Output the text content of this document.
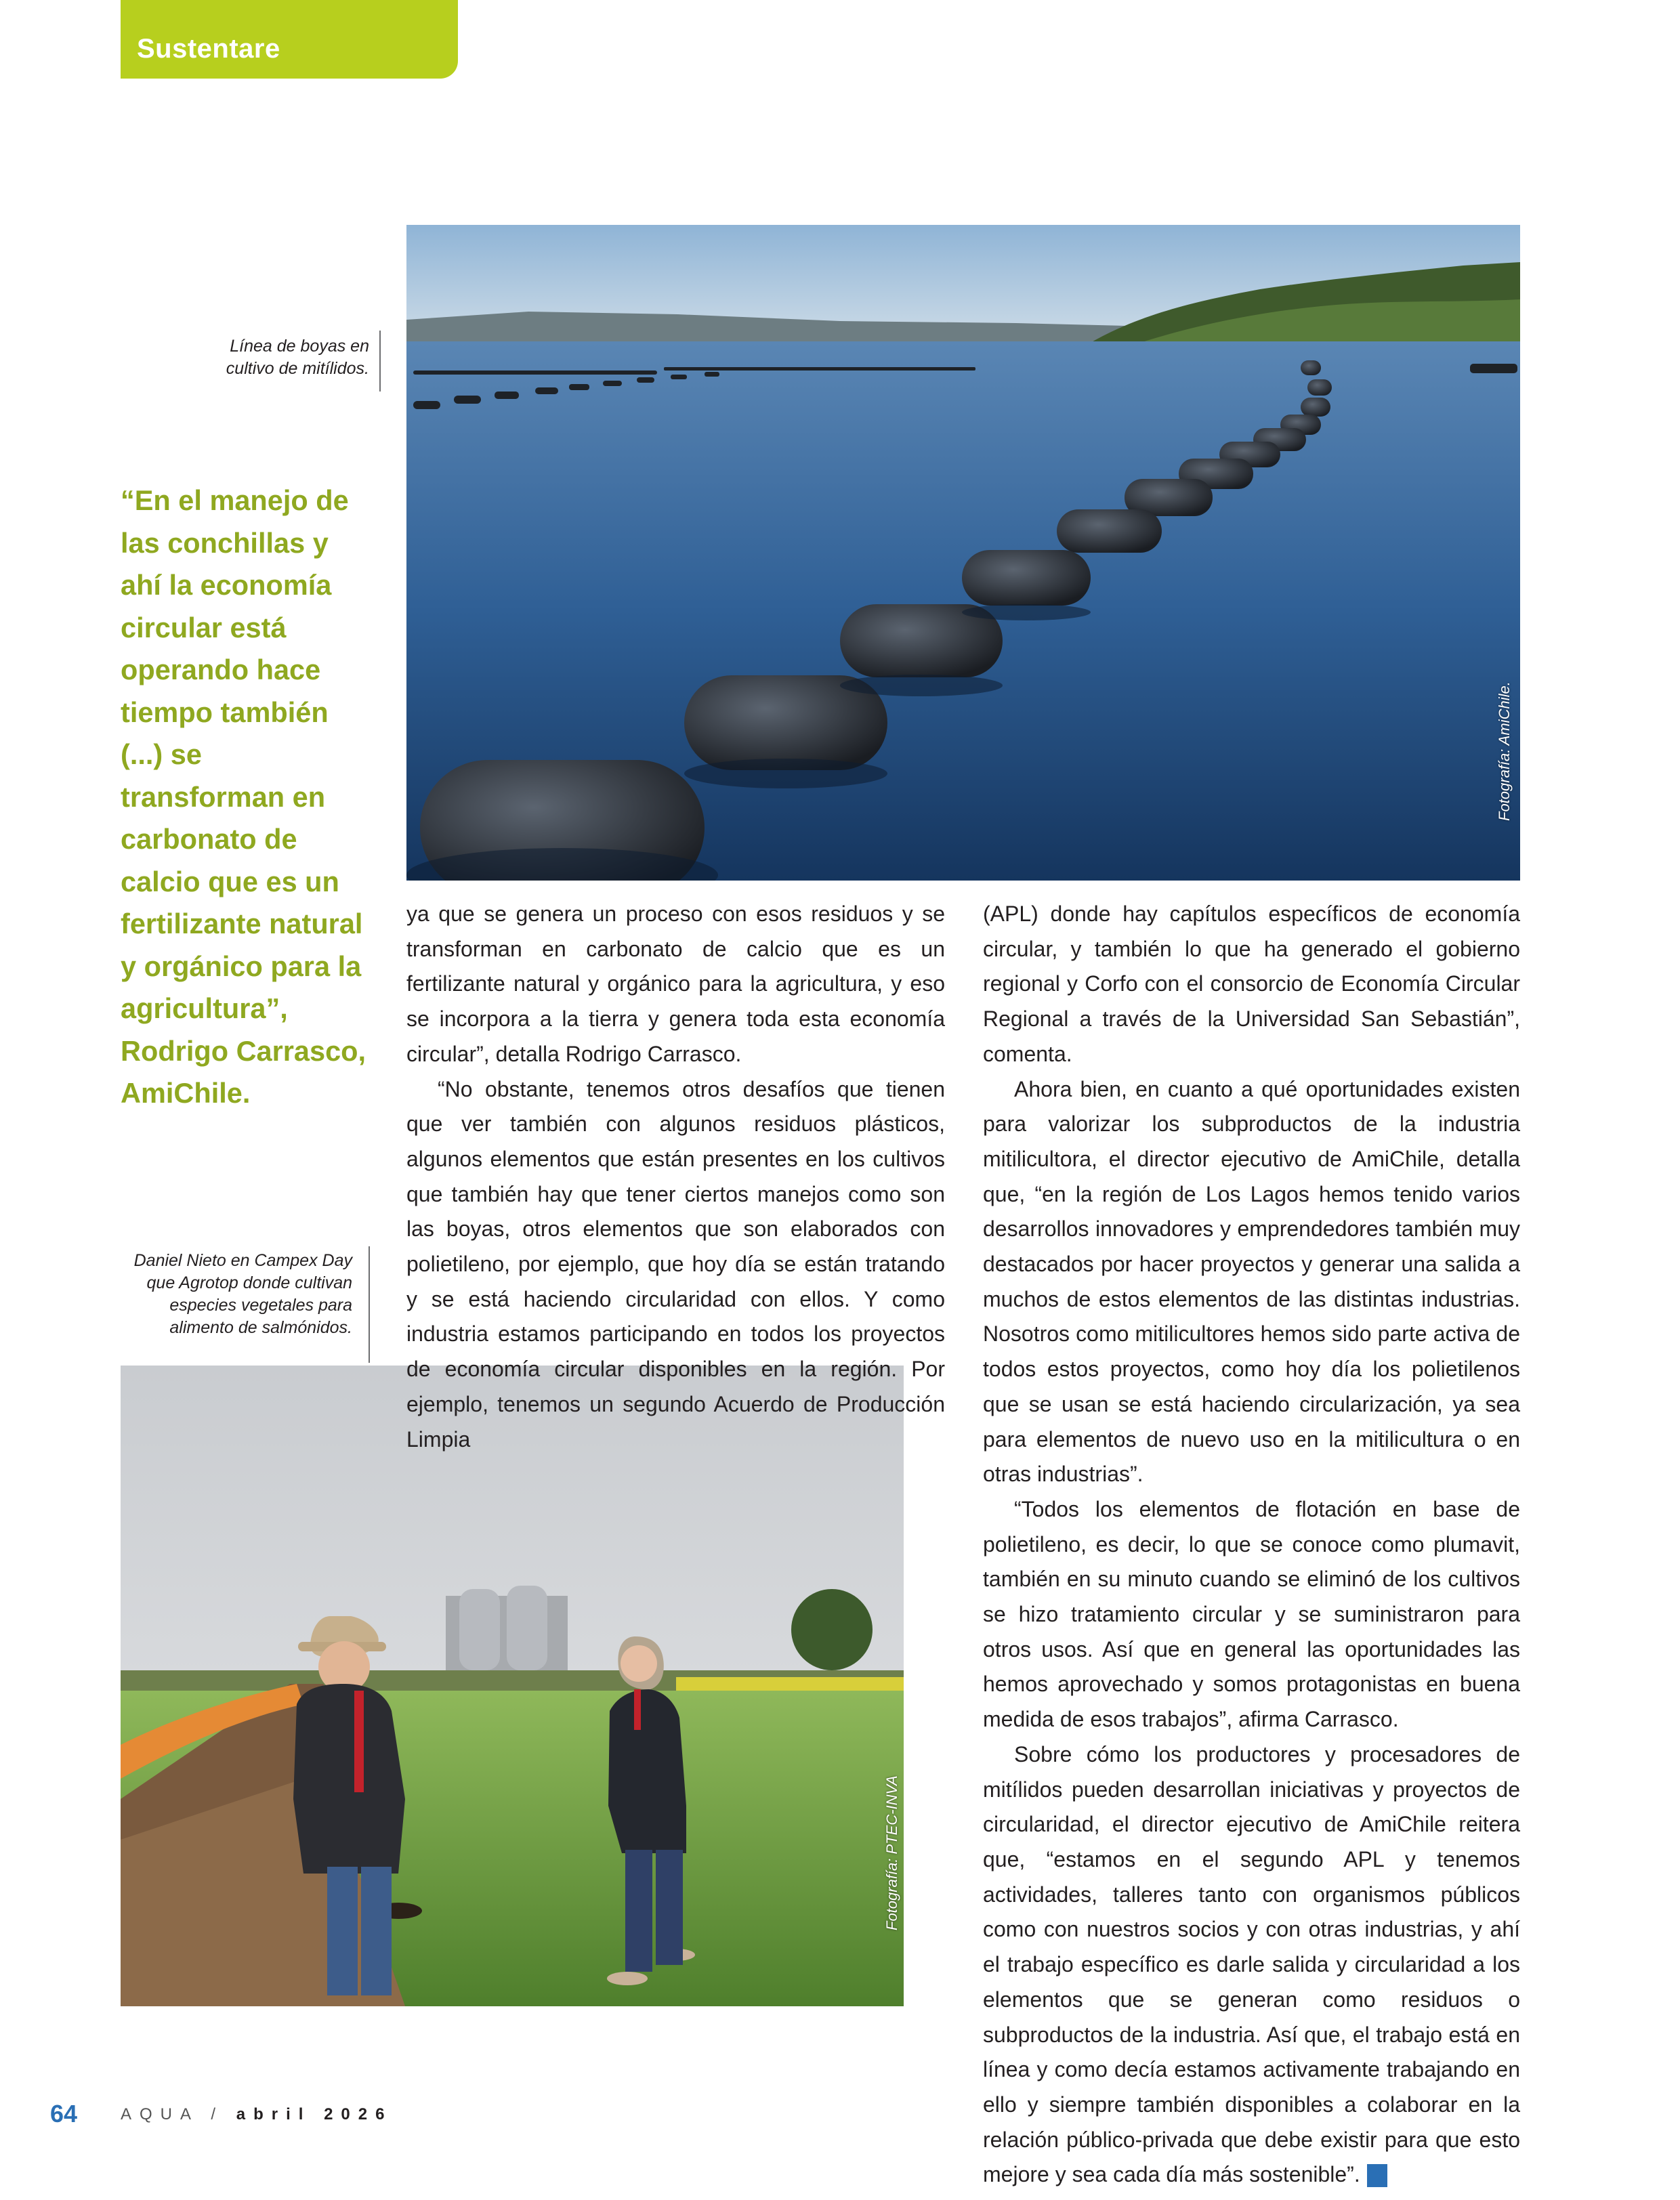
Sustentare
Fotografía: AmiChile.
Línea de boyas en
cultivo de mitílidos.

“En el manejo de las conchillas y ahí la economía circular está operando hace tiempo también (...) se transforman en carbonato de calcio que es un fertilizante natural y orgánico para la agricultura”, Rodrigo Carrasco, AmiChile.

Daniel Nieto en Campex Day
que Agrotop donde cultivan
especies vegetales para
alimento de salmónidos.
Fotografía: PTEC-INVA

ya que se genera un proceso con esos residuos y se transforman en carbonato de calcio que es un fertilizante natural y orgánico para la agricultura, y eso se incorpora a la tierra y genera toda esta economía circular”, detalla Rodrigo Carrasco.

“No obstante, tenemos otros desafíos que tienen que ver también con algunos residuos plásticos, algunos elementos que están presentes en los cultivos que también hay que tener ciertos manejos como son las boyas, otros elementos que son elaborados con polietileno, por ejemplo, que hoy día se están tratando y se está haciendo circularidad con ellos. Y como industria estamos participando en todos los proyectos de economía circular disponibles en la región. Por ejemplo, tenemos un segundo Acuerdo de Producción Limpia

(APL) donde hay capítulos específicos de economía circular, y también lo que ha generado el gobierno regional y Corfo con el consorcio de Economía Circular Regional a través de la Universidad San Sebastián”, comenta.

Ahora bien, en cuanto a qué oportunidades existen para valorizar los subproductos de la industria mitilicultora, el director ejecutivo de AmiChile, detalla que, “en la región de Los Lagos hemos tenido varios desarrollos innovadores y emprendedores también muy destacados por hacer proyectos y generar una salida a muchos de estos elementos de las distintas industrias. Nosotros como mitilicultores hemos sido parte activa de todos estos proyectos, como hoy día los polietilenos que se usan se está haciendo circularización, ya sea para elementos de nuevo uso en la mitilicultura o en otras industrias”.

“Todos los elementos de flotación en base de polietileno, es decir, lo que se conoce como plumavit, también en su minuto cuando se eliminó de los cultivos se hizo tratamiento circular y se suministraron para otros usos. Así que en general las oportunidades las hemos aprovechado y somos protagonistas en buena medida de esos trabajos”, afirma Carrasco.

Sobre cómo los productores y procesadores de mitílidos pueden desarrollan iniciativas y proyectos de circularidad, el director ejecutivo de AmiChile reitera que, “estamos en el segundo APL y tenemos actividades, talleres tanto con organismos públicos como con nuestros socios y con otras industrias, y ahí el trabajo específico es darle salida y circularidad a los elementos que se generan como residuos o subproductos de la industria. Así que, el trabajo está en línea y como decía estamos activamente trabajando en ello y siempre también disponibles a colaborar en la relación público-privada que debe existir para que esto mejore y sea cada día más sostenible”. Q

64	AQUA / abril 2026
